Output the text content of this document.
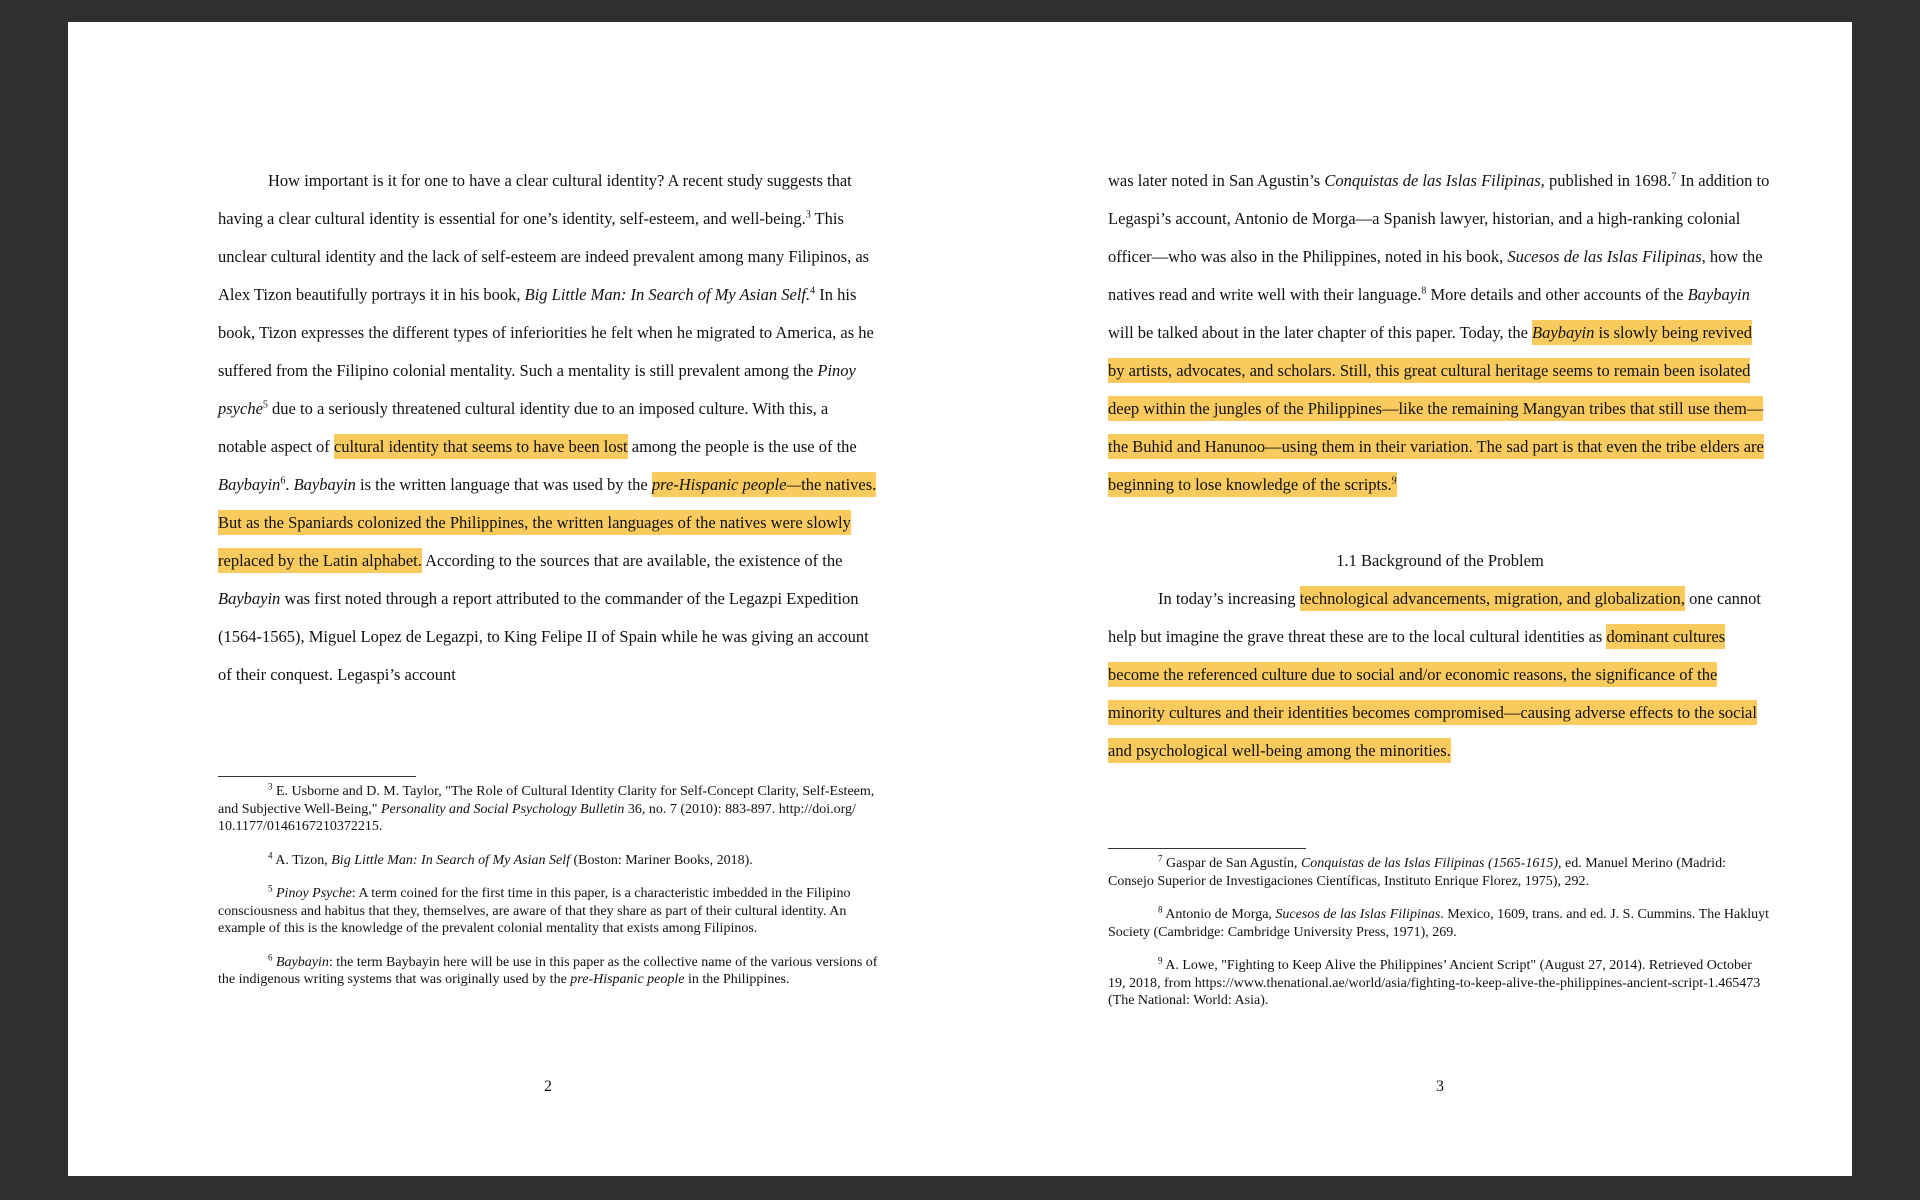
How important is it for one to have a clear cultural identity? A recent study suggests that having a clear cultural identity is essential for one’s identity, self-esteem, and well-being.$^3$ This unclear cultural identity and the lack of self-esteem are indeed prevalent among many Filipinos, as Alex Tizon beautifully portrays it in his book, Big Little Man: In Search of My Asian Self.$^4$ In his book, Tizon expresses the different types of inferiorities he felt when he migrated to America, as he suffered from the Filipino colonial mentality. Such a mentality is still prevalent among the Pinoy psyche$^5$ due to a seriously threatened cultural identity due to an imposed culture. With this, a notable aspect of cultural identity that seems to have been lost among the people is the use of the Baybayin$^6$. Baybayin is the written language that was used by the pre-Hispanic people—the natives. But as the Spaniards colonized the Philippines, the written languages of the natives were slowly replaced by the Latin alphabet. According to the sources that are available, the existence of the Baybayin was first noted through a report attributed to the commander of the Legazpi Expedition (1564-1565), Miguel Lopez de Legazpi, to King Felipe II of Spain while he was giving an account of their conquest. Legaspi’s account

$^3$ E. Usborne and D. M. Taylor, "The Role of Cultural Identity Clarity for Self-Concept Clarity, Self-Esteem, and Subjective Well-Being," Personality and Social Psychology Bulletin 36, no. 7 (2010): 883-897. http://doi.org/ 10.1177/0146167210372215.

$^4$ A. Tizon, Big Little Man: In Search of My Asian Self (Boston: Mariner Books, 2018).

$^5$ Pinoy Psyche: A term coined for the first time in this paper, is a characteristic imbedded in the Filipino consciousness and habitus that they, themselves, are aware of that they share as part of their cultural identity. An example of this is the knowledge of the prevalent colonial mentality that exists among Filipinos.

$^6$ Baybayin: the term Baybayin here will be use in this paper as the collective name of the various versions of the indigenous writing systems that was originally used by the pre-Hispanic people in the Philippines.

2

was later noted in San Agustin’s Conquistas de las Islas Filipinas, published in 1698.$^7$ In addition to Legaspi’s account, Antonio de Morga—a Spanish lawyer, historian, and a high-ranking colonial officer—who was also in the Philippines, noted in his book, Sucesos de las Islas Filipinas, how the natives read and write well with their language.$^8$ More details and other accounts of the Baybayin will be talked about in the later chapter of this paper. Today, the Baybayin is slowly being revived by artists, advocates, and scholars. Still, this great cultural heritage seems to remain been isolated deep within the jungles of the Philippines—like the remaining Mangyan tribes that still use them—the Buhid and Hanunoo—using them in their variation. The sad part is that even the tribe elders are beginning to lose knowledge of the scripts.$^9$

1.1 Background of the Problem

In today’s increasing technological advancements, migration, and globalization, one cannot help but imagine the grave threat these are to the local cultural identities as dominant cultures become the referenced culture due to social and/or economic reasons, the significance of the minority cultures and their identities becomes compromised—causing adverse effects to the social and psychological well-being among the minorities.

$^7$ Gaspar de San Agustín, Conquistas de las Islas Filipinas (1565-1615), ed. Manuel Merino (Madrid: Consejo Superior de Investigaciones Científicas, Instituto Enrique Florez, 1975), 292.

$^8$ Antonio de Morga, Sucesos de las Islas Filipinas. Mexico, 1609, trans. and ed. J. S. Cummins. The Hakluyt Society (Cambridge: Cambridge University Press, 1971), 269.

$^9$ A. Lowe, "Fighting to Keep Alive the Philippines’ Ancient Script" (August 27, 2014). Retrieved October 19, 2018, from https://www.thenational.ae/world/asia/fighting-to-keep-alive-the-philippines-ancient-script-1.465473 (The National: World: Asia).

3
